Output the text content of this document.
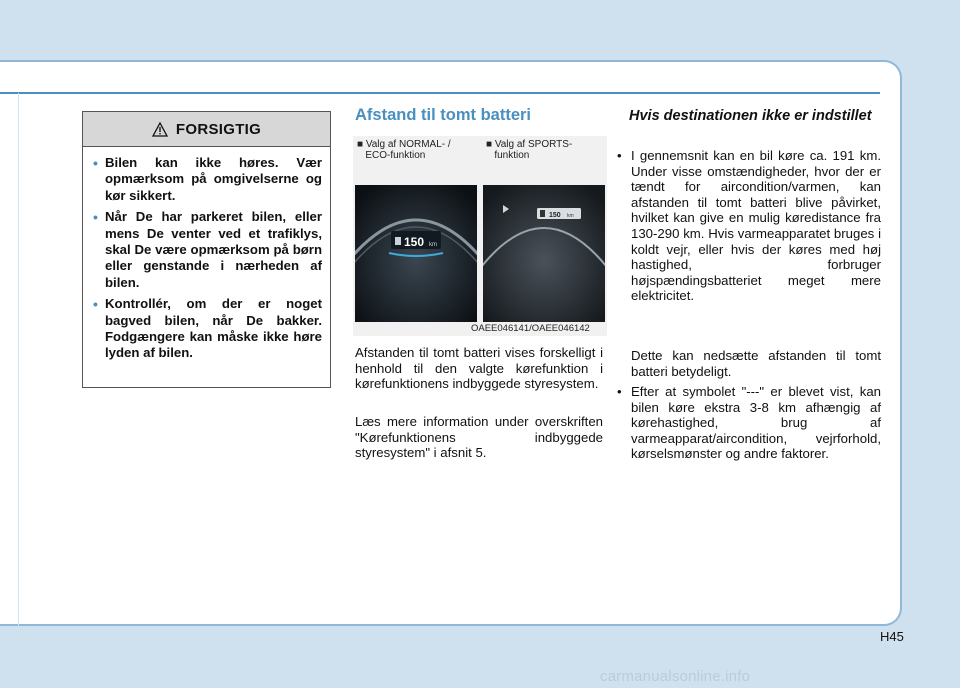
FORSIGTIG
• Bilen kan ikke høres. Vær opmærksom på omgivelserne og kør sikkert.
• Når De har parkeret bilen, eller mens De venter ved et trafiklys, skal De være opmærksom på børn eller genstande i nærheden af bilen.
• Kontrollér, om der er noget bagved bilen, når De bakker. Fodgængere kan måske ikke høre lyden af bilen.
Afstand til tomt batteri

■ Valg af NORMAL- /
ECO-funktion

■ Valg af SPORTS-
funktion

150 km
150 km

OAEE046141/OAEE046142

Afstanden til tomt batteri vises forskelligt i henhold til den valgte kørefunktion i kørefunktionens indbyggede styresystem.

Læs mere information under overskriften "Kørefunktionens indbyggede styresystem" i afsnit 5.

Hvis destinationen ikke er indstillet

• I gennemsnit kan en bil køre ca. 191 km. Under visse omstændigheder, hvor der er tændt for aircondition/varmen, kan afstanden til tomt batteri blive påvirket, hvilket kan give en mulig køredistance fra 130-290 km. Hvis varmeapparatet bruges i koldt vejr, eller hvis der køres med høj hastighed, forbruger højspændingsbatteriet meget mere elektricitet.

Dette kan nedsætte afstanden til tomt batteri betydeligt.

• Efter at symbolet "---" er blevet vist, kan bilen køre ekstra 3-8 km afhængig af kørehastighed, brug af varmeapparat/aircondition, vejrforhold, kørselsmønster og andre faktorer.

H45

carmanualsonline.info
